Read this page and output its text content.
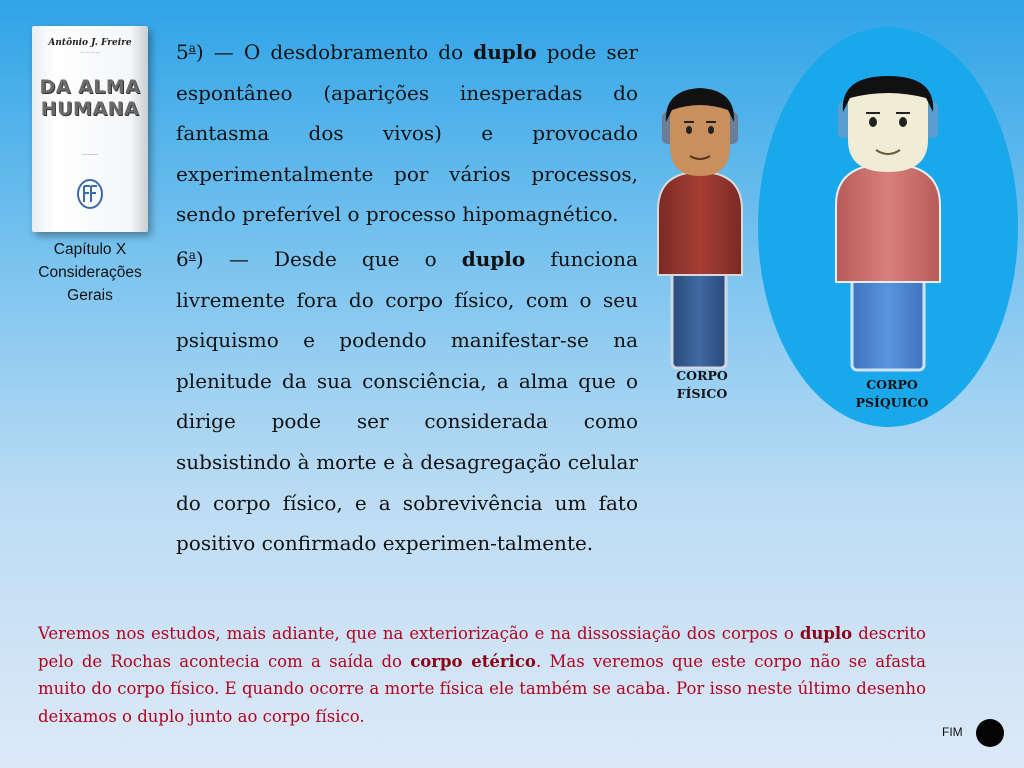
Antônio J. Freire
— — — —
DA ALMA
HUMANA
———
Capítulo X
Considerações
Gerais

5$^a$) — O desdobramento do duplo pode ser espontâneo (aparições inesperadas do fantasma dos vivos) e provocado experimentalmente por vários processos, sendo preferível o processo hipomagnético.

6$^a$) — Desde que o duplo funciona livremente fora do corpo físico, com o seu psiquismo e podendo manifestar-se na plenitude da sua consciência, a alma que o dirige pode ser considerada como subsistindo à morte e à desagregação celular do corpo físico, e a sobrevivência um fato positivo confirmado experimen-talmente.

CORPO
FÍSICO
CORPO
PSÍQUICO
Veremos nos estudos, mais adiante, que na exteriorização e na dissossiação dos corpos o duplo descrito pelo de Rochas acontecia com a saída do corpo etérico. Mas veremos que este corpo não se afasta muito do corpo físico. E quando ocorre a morte física ele também se acaba. Por isso neste último desenho deixamos o duplo junto ao corpo físico.
FIM
